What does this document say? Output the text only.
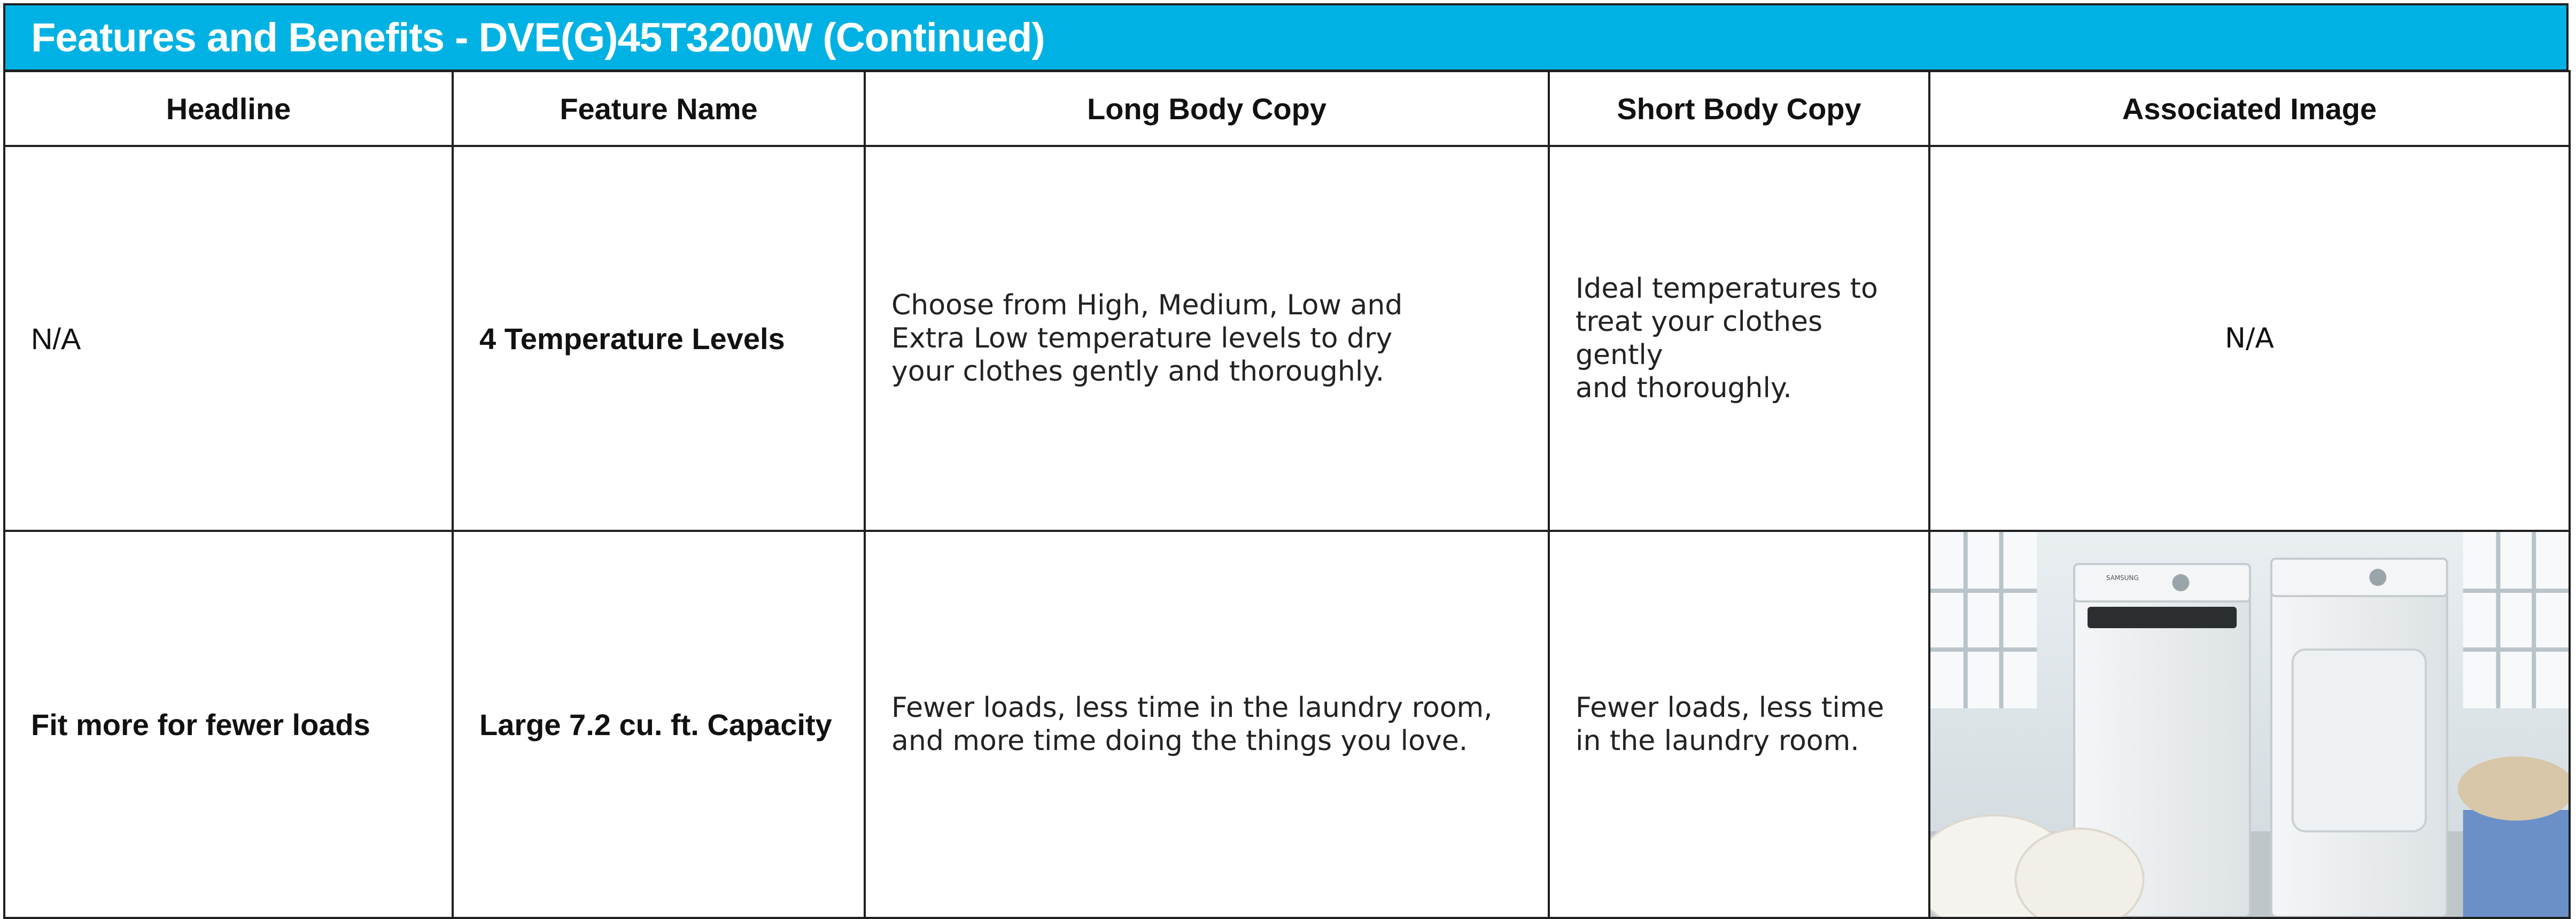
Features and Benefits - DVE(G)45T3200W (Continued)
Headline	Feature Name	Long Body Copy	Short Body Copy	Associated Image
N/A	4 Temperature Levels	Choose from High, Medium, Low and
Extra Low temperature levels to dry
your clothes gently and thoroughly.	Ideal temperatures to
treat your clothes gently
and thoroughly.	N/A
Fit more for fewer loads	Large 7.2 cu. ft. Capacity	Fewer loads, less time in the laundry room,
and more time doing the things you love.	Fewer loads, less time
in the laundry room.	SAMSUNG
